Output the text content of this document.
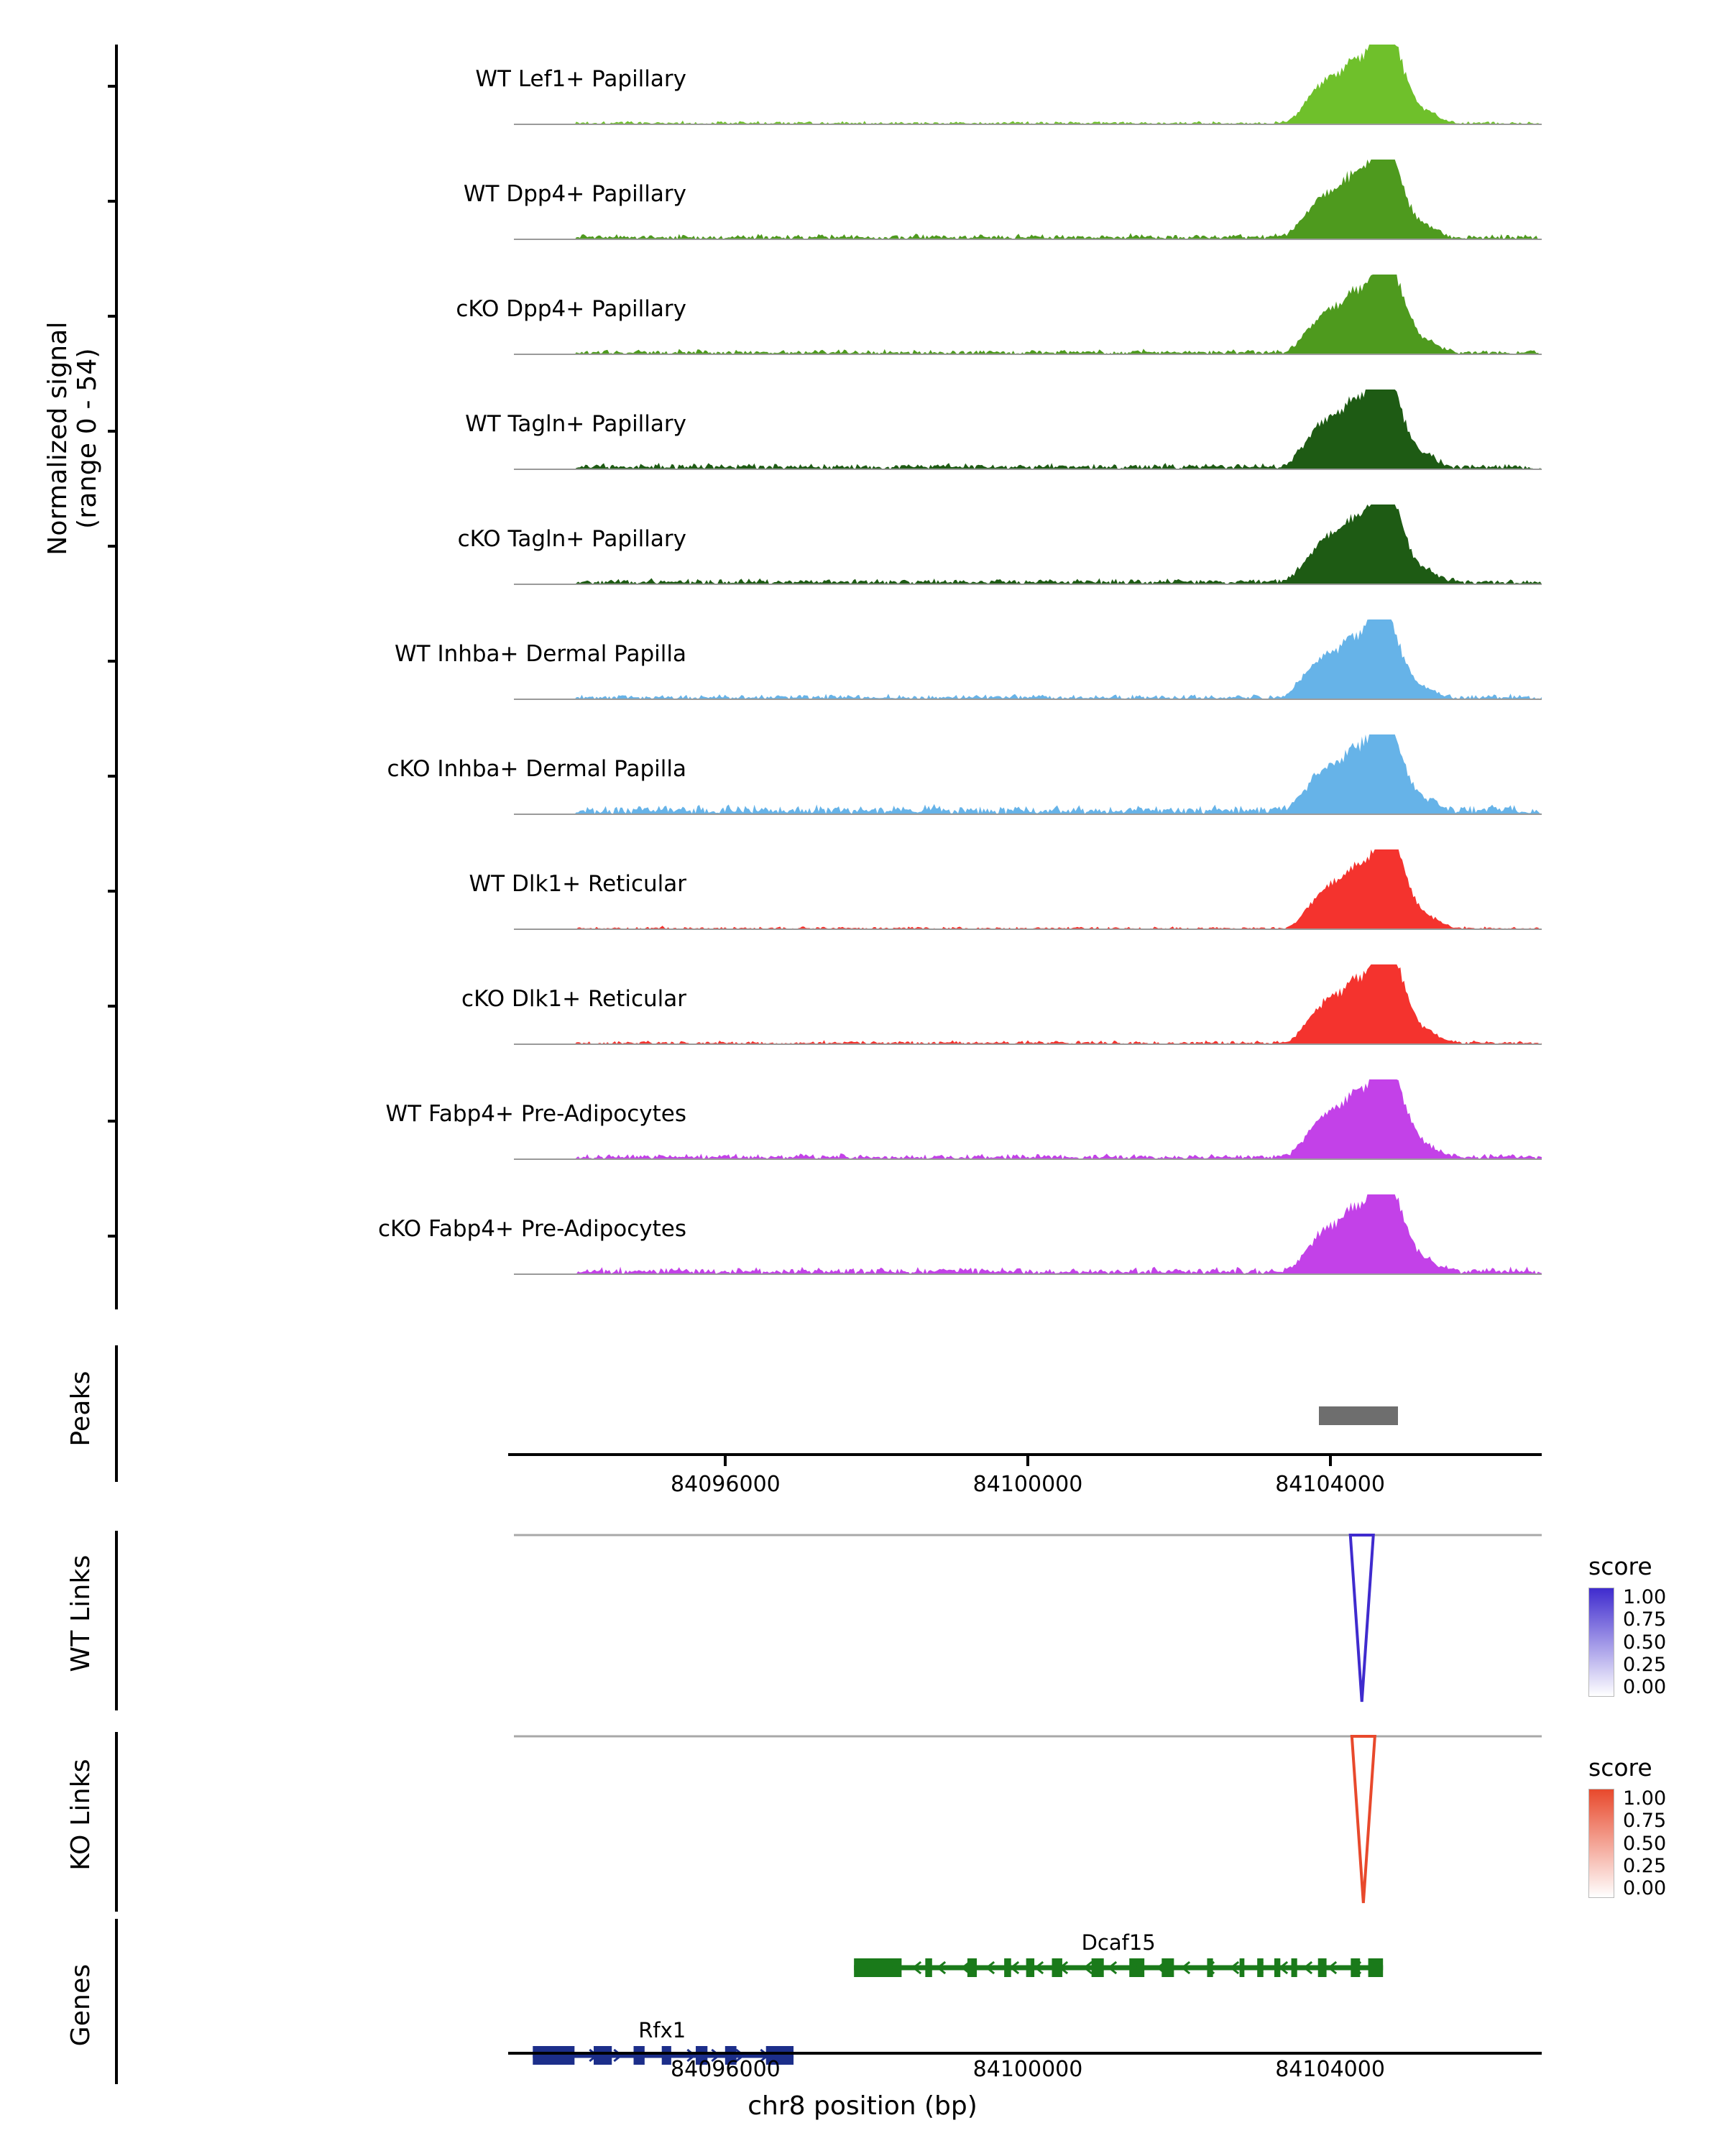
Normalized signal
(range 0 - 54)
Peaks
WT Links
KO Links
Genes
WT Lef1+ Papillary
WT Dpp4+ Papillary
cKO Dpp4+ Papillary
WT Tagln+ Papillary
cKO Tagln+ Papillary
WT Inhba+ Dermal Papilla
cKO Inhba+ Dermal Papilla
WT Dlk1+ Reticular
cKO Dlk1+ Reticular
WT Fabp4+ Pre-Adipocytes
cKO Fabp4+ Pre-Adipocytes
84096000	84100000	84104000
Dcaf15
Rfx1
84096000	84100000	84104000
chr8 position (bp)
score
1.00
0.75
0.50
0.25
0.00
score
1.00
0.75
0.50
0.25
0.00
